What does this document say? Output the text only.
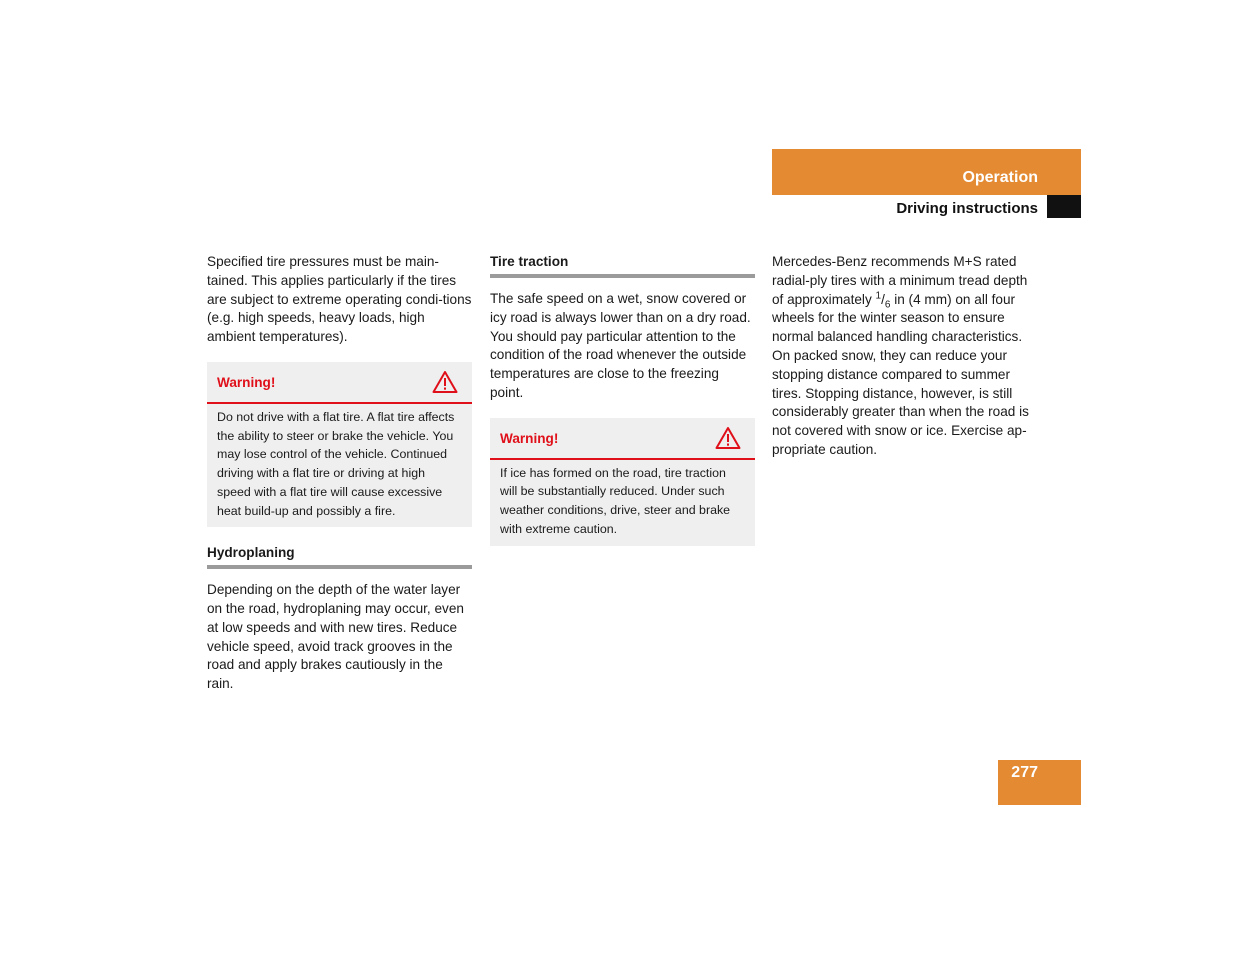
Operation
Driving instructions

Specified tire pressures must be main-tained. This applies particularly if the tires are subject to extreme operating condi-tions (e.g. high speeds, heavy loads, high ambient temperatures).

Warning!
Do not drive with a flat tire. A flat tire affects the ability to steer or brake the vehicle. You may lose control of the vehicle. Continued driving with a flat tire or driving at high speed with a flat tire will cause excessive heat build-up and possibly a fire.
Hydroplaning

Depending on the depth of the water layer on the road, hydroplaning may occur, even at low speeds and with new tires. Reduce vehicle speed, avoid track grooves in the road and apply brakes cautiously in the rain.

Tire traction

The safe speed on a wet, snow covered or icy road is always lower than on a dry road. You should pay particular attention to the condition of the road whenever the outside temperatures are close to the freezing point.

Warning!
If ice has formed on the road, tire traction will be substantially reduced. Under such weather conditions, drive, steer and brake with extreme caution.

Mercedes-Benz recommends M+S rated radial-ply tires with a minimum tread depth of approximately $^1/_6$ in (4 mm) on all four wheels for the winter season to ensure normal balanced handling characteristics. On packed snow, they can reduce your stopping distance compared to summer tires. Stopping distance, however, is still considerably greater than when the road is not covered with snow or ice. Exercise ap-propriate caution.

277
